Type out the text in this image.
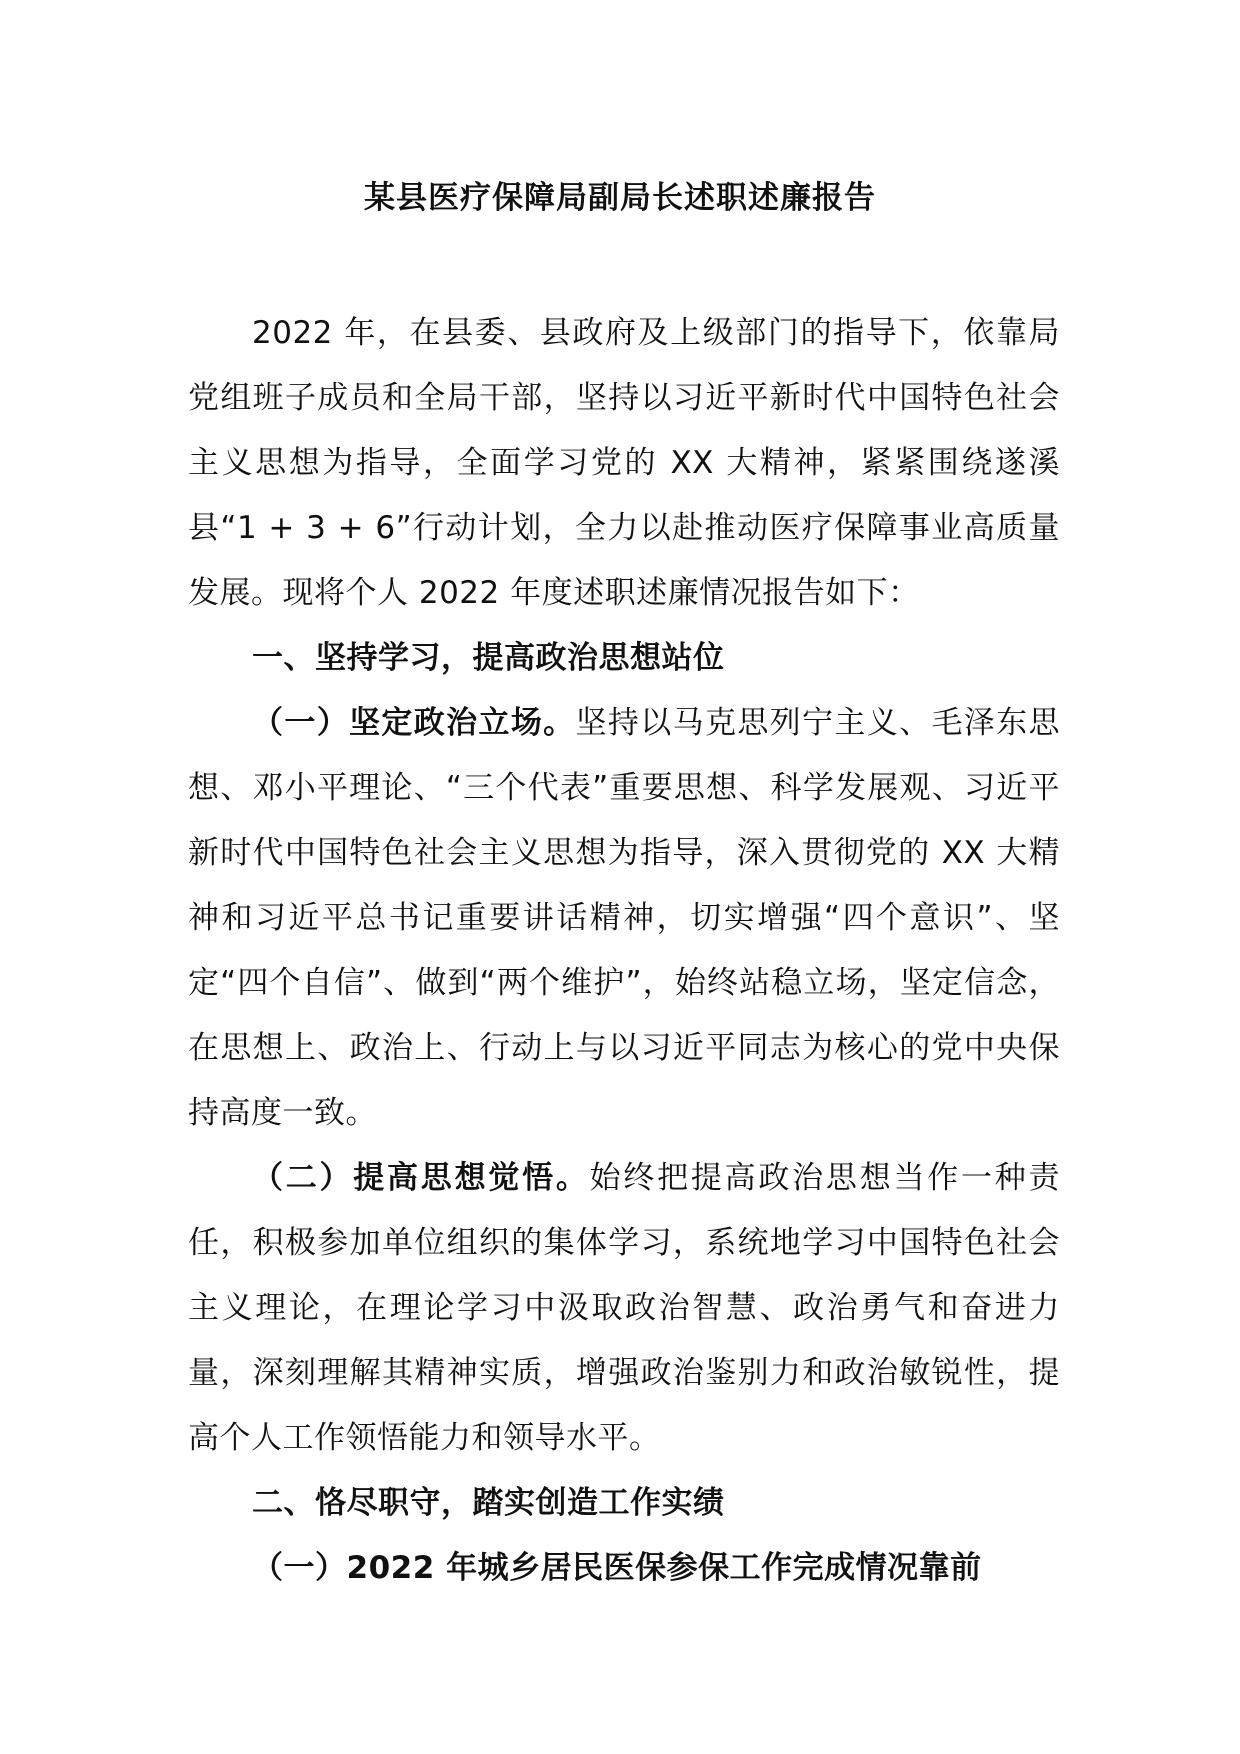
某县医疗保障局副局长述职述廉报告

2022 年，在县委、县政府及上级部门的指导下，依靠局党组班子成员和全局干部，坚持以习近平新时代中国特色社会主义思想为指导，全面学习党的 XX 大精神，紧紧围绕遂溪县“1 + 3 + 6”行动计划，全力以赴推动医疗保障事业高质量发展。现将个人 2022 年度述职述廉情况报告如下：

一、坚持学习，提高政治思想站位

（一）坚定政治立场。坚持以马克思列宁主义、毛泽东思想、邓小平理论、“三个代表”重要思想、科学发展观、习近平新时代中国特色社会主义思想为指导，深入贯彻党的 XX 大精神和习近平总书记重要讲话精神，切实增强“四个意识”、坚定“四个自信”、做到“两个维护”，始终站稳立场，坚定信念，在思想上、政治上、行动上与以习近平同志为核心的党中央保持高度一致。

（二）提高思想觉悟。始终把提高政治思想当作一种责任，积极参加单位组织的集体学习，系统地学习中国特色社会主义理论，在理论学习中汲取政治智慧、政治勇气和奋进力量，深刻理解其精神实质，增强政治鉴别力和政治敏锐性，提高个人工作领悟能力和领导水平。

二、恪尽职守，踏实创造工作实绩

（一）2022 年城乡居民医保参保工作完成情况靠前
